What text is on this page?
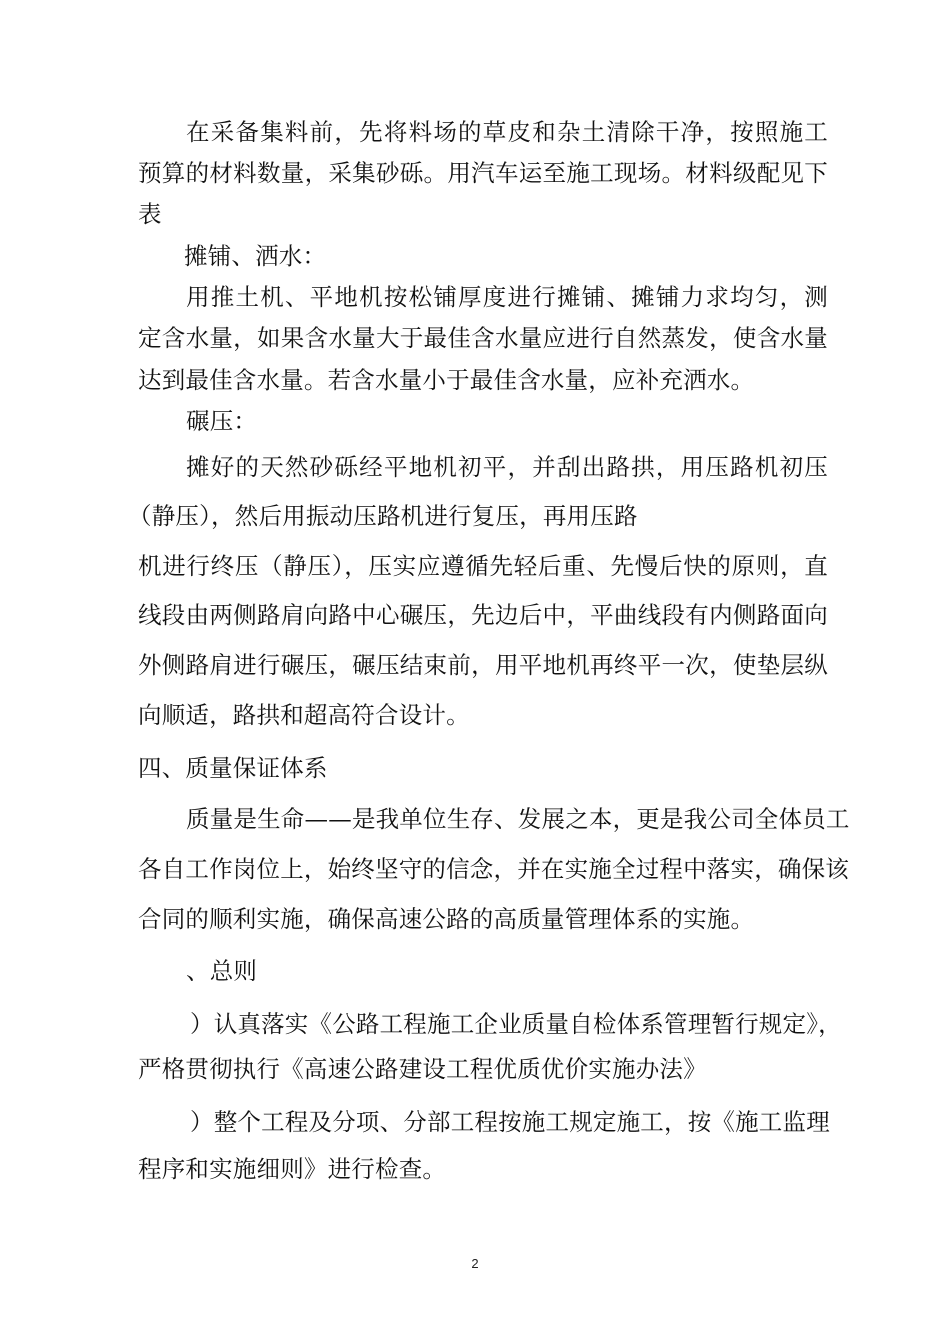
在采备集料前，先将料场的草皮和杂土清除干净，按照施工
预算的材料数量，采集砂砾。用汽车运至施工现场。材料级配见下
表
摊铺、洒水：
用推土机、平地机按松铺厚度进行摊铺、摊铺力求均匀，测
定含水量，如果含水量大于最佳含水量应进行自然蒸发，使含水量
达到最佳含水量。若含水量小于最佳含水量，应补充洒水。
碾压：
摊好的天然砂砾经平地机初平，并刮出路拱，用压路机初压
（静压），然后用振动压路机进行复压，再用压路
机进行终压（静压），压实应遵循先轻后重、先慢后快的原则，直
线段由两侧路肩向路中心碾压，先边后中，平曲线段有内侧路面向
外侧路肩进行碾压，碾压结束前，用平地机再终平一次，使垫层纵
向顺适，路拱和超高符合设计。
四、质量保证体系
质量是生命——是我单位生存、发展之本，更是我公司全体员工
各自工作岗位上，始终坚守的信念，并在实施全过程中落实，确保该
合同的顺利实施，确保高速公路的高质量管理体系的实施。
、总则
）认真落实《公路工程施工企业质量自检体系管理暂行规定》，
严格贯彻执行《高速公路建设工程优质优价实施办法》
）整个工程及分项、分部工程按施工规定施工，按《施工监理
程序和实施细则》进行检查。
2
